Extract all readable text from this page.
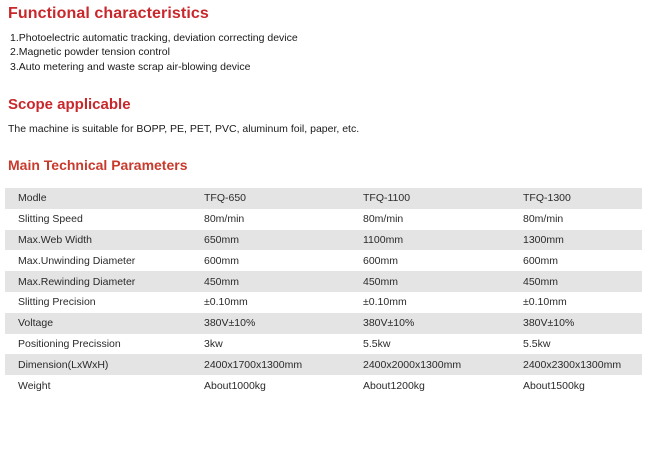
Functional characteristics
1.Photoelectric automatic tracking, deviation correcting device
2.Magnetic powder tension control
3.Auto metering and waste scrap air-blowing device
Scope applicable
The machine is suitable for BOPP, PE, PET, PVC, aluminum foil, paper, etc.
Main Technical Parameters
Modle	TFQ-650	TFQ-1100	TFQ-1300
Slitting Speed	80m/min	80m/min	80m/min
Max.Web Width	650mm	1100mm	1300mm
Max.Unwinding Diameter	600mm	600mm	600mm
Max.Rewinding Diameter	450mm	450mm	450mm
Slitting Precision	±0.10mm	±0.10mm	±0.10mm
Voltage	380V±10%	380V±10%	380V±10%
Positioning Precission	3kw	5.5kw	5.5kw
Dimension(LxWxH)	2400x1700x1300mm	2400x2000x1300mm	2400x2300x1300mm
Weight	About1000kg	About1200kg	About1500kg
